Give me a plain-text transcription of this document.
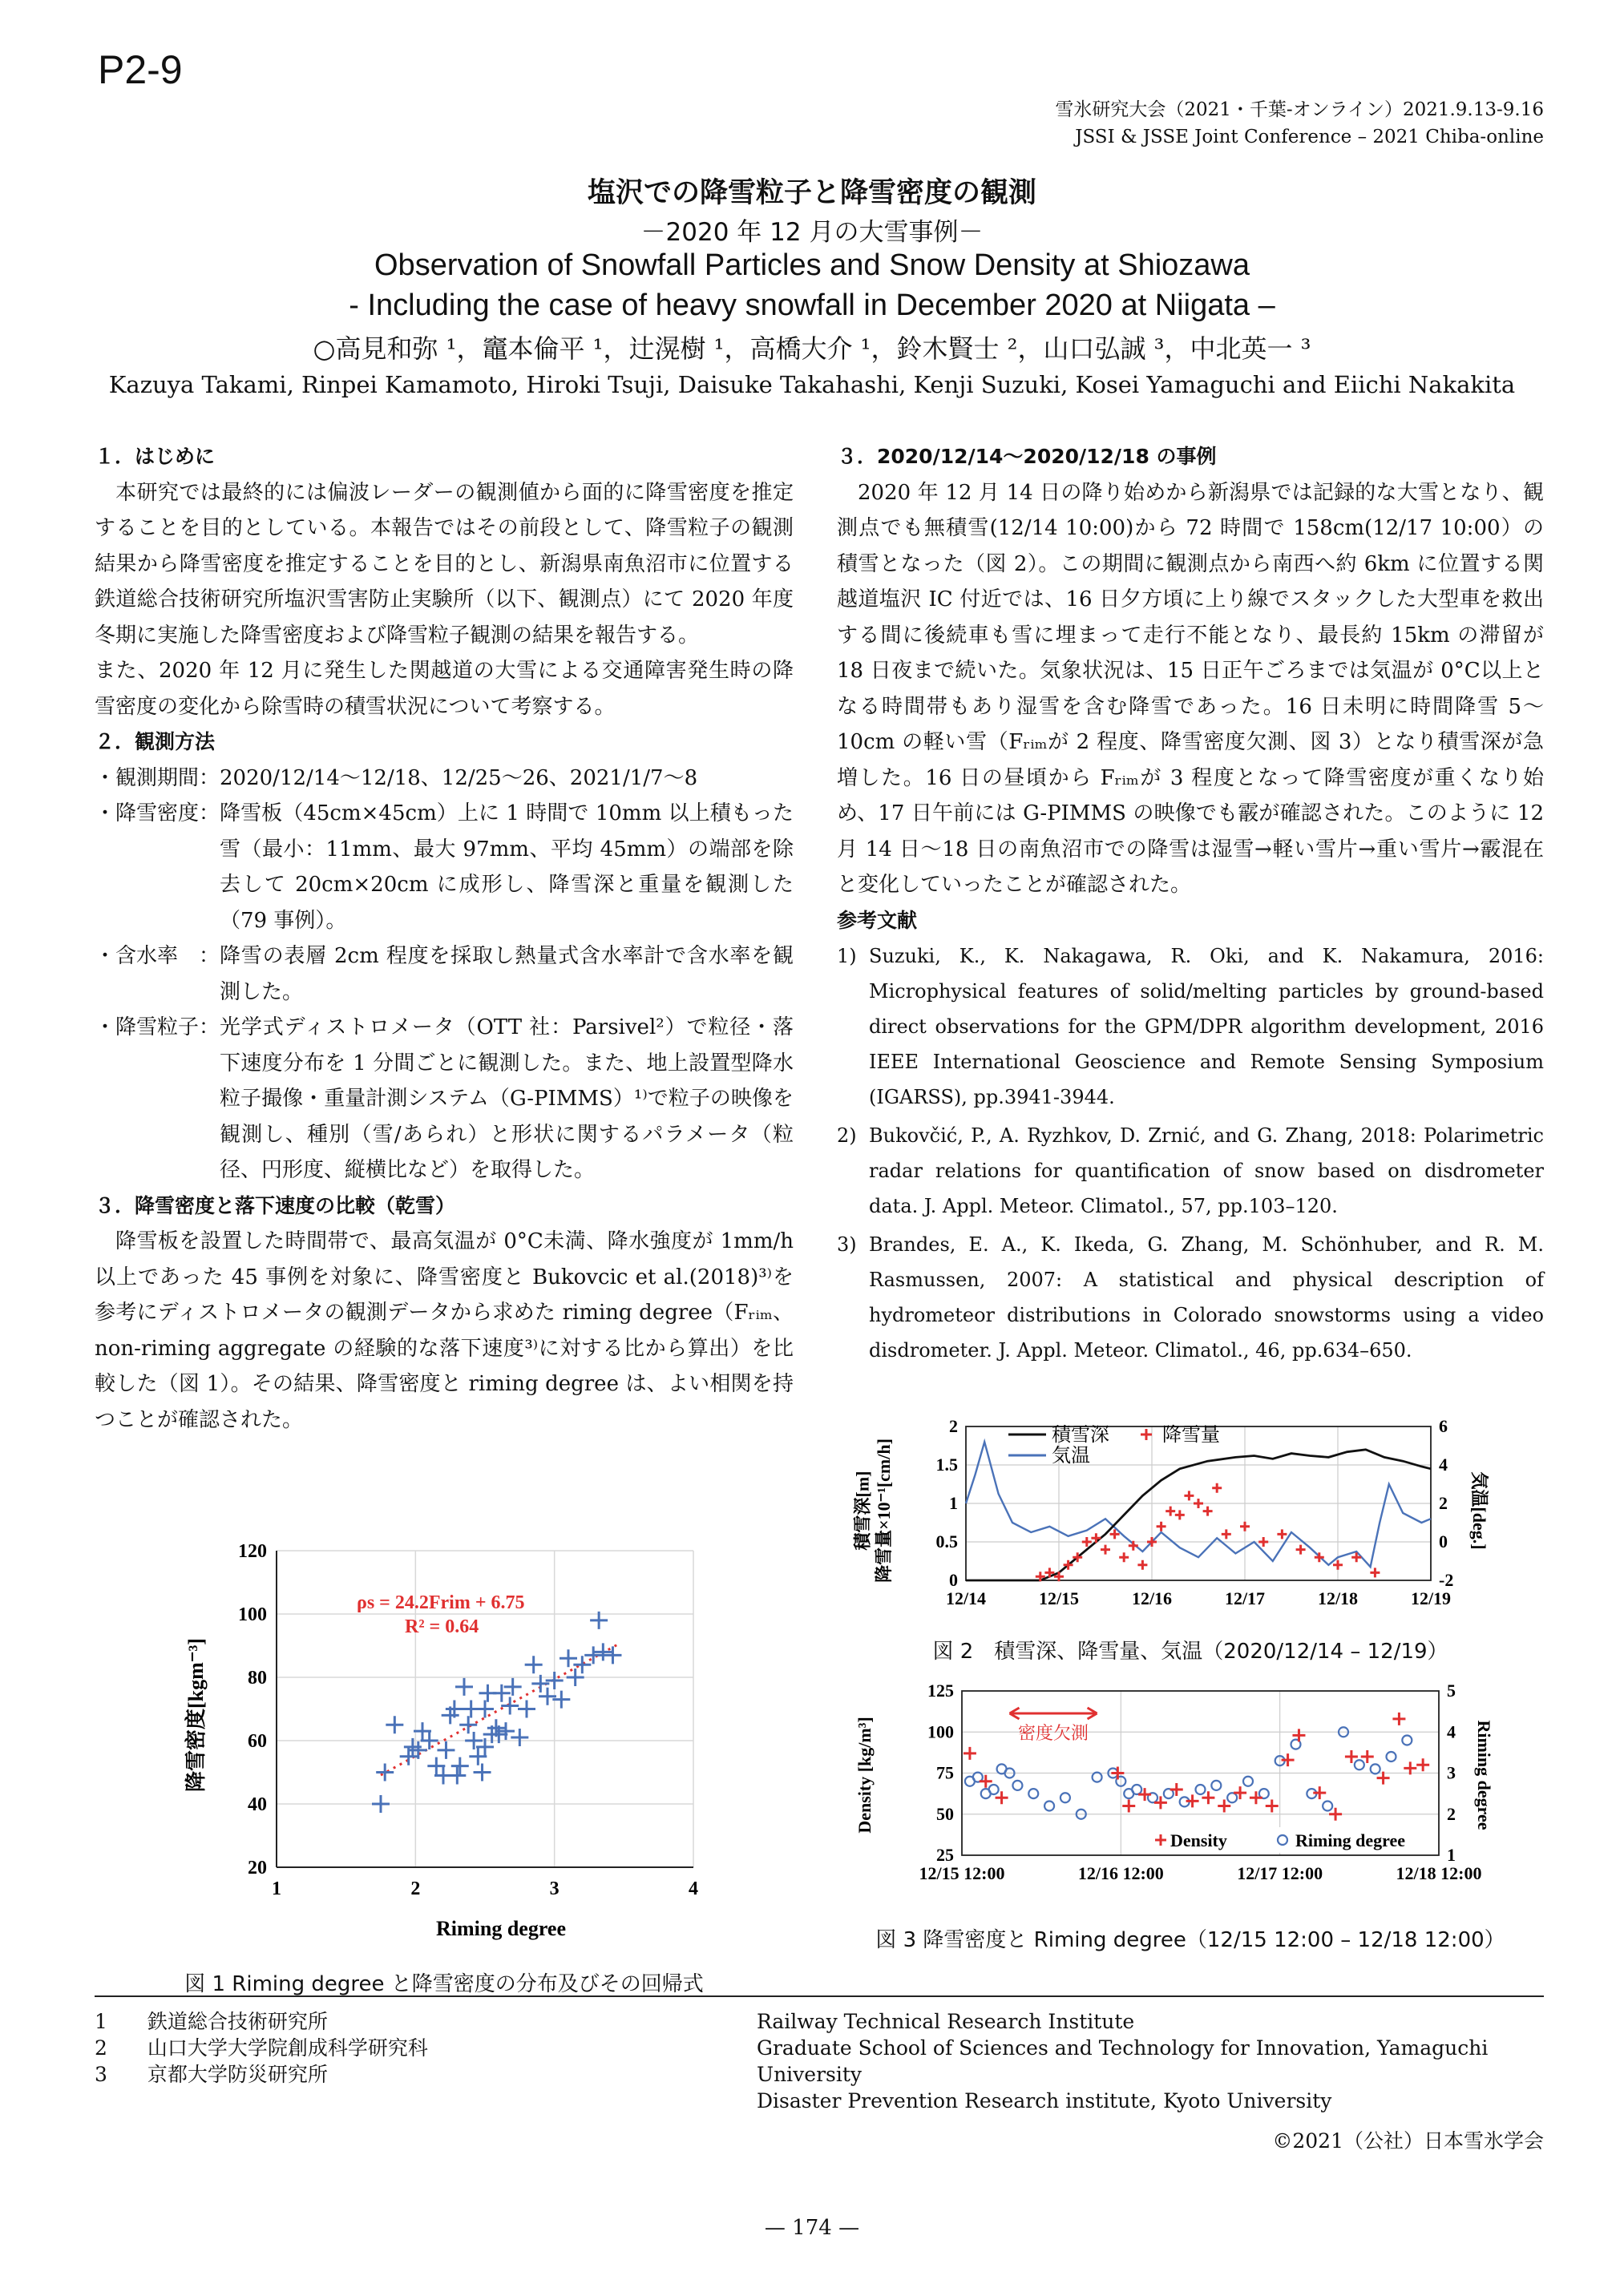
P2-9
雪氷研究大会（2021・千葉-オンライン）2021.9.13-9.16
JSSI & JSSE Joint Conference – 2021 Chiba-online
塩沢での降雪粒子と降雪密度の観測
－2020 年 12 月の大雪事例－
Observation of Snowfall Particles and Snow Density at Shiozawa
- Including the case of heavy snowfall in December 2020 at Niigata –
○高見和弥 ¹，竈本倫平 ¹，辻滉樹 ¹，高橋大介 ¹，鈴木賢士 ²，山口弘誠 ³，中北英一 ³
Kazuya Takami, Rinpei Kamamoto, Hiroki Tsuji, Daisuke Takahashi, Kenji Suzuki, Kosei Yamaguchi and Eiichi Nakakita
１．はじめに

本研究では最終的には偏波レーダーの観測値から面的に降雪密度を推定することを目的としている。本報告ではその前段として、降雪粒子の観測結果から降雪密度を推定することを目的とし、新潟県南魚沼市に位置する鉄道総合技術研究所塩沢雪害防止実験所（以下、観測点）にて 2020 年度冬期に実施した降雪密度および降雪粒子観測の結果を報告する。

また、2020 年 12 月に発生した関越道の大雪による交通障害発生時の降雪密度の変化から除雪時の積雪状況について考察する。

２．観測方法
・観測期間： 2020/12/14～12/18、12/25～26、2021/1/7～8
・降雪密度： 降雪板（45cm×45cm）上に 1 時間で 10mm 以上積もった雪（最小：11mm、最大 97mm、平均 45mm）の端部を除去して 20cm×20cm に成形し、降雪深と重量を観測した（79 事例）。
・含水率　： 降雪の表層 2cm 程度を採取し熱量式含水率計で含水率を観測した。
・降雪粒子： 光学式ディストロメータ（OTT 社：Parsivel²）で粒径・落下速度分布を 1 分間ごとに観測した。また、地上設置型降水粒子撮像・重量計測システム（G-PIMMS）¹⁾で粒子の映像を観測し、種別（雪/あられ）と形状に関するパラメータ（粒径、円形度、縦横比など）を取得した。
３．降雪密度と落下速度の比較（乾雪）

降雪板を設置した時間帯で、最高気温が 0°C未満、降水強度が 1mm/h 以上であった 45 事例を対象に、降雪密度と Bukovcic et al.(2018)³⁾を参考にディストロメータの観測データから求めた riming degree（Fᵣᵢₘ、non-riming aggregate の経験的な落下速度³⁾に対する比から算出）を比較した（図 1）。その結果、降雪密度と riming degree は、よい相関を持つことが確認された。

３．2020/12/14～2020/12/18 の事例

2020 年 12 月 14 日の降り始めから新潟県では記録的な大雪となり、観測点でも無積雪(12/14 10:00)から 72 時間で 158cm(12/17 10:00）の積雪となった（図 2）。この期間に観測点から南西へ約 6km に位置する関越道塩沢 IC 付近では、16 日夕方頃に上り線でスタックした大型車を救出する間に後続車も雪に埋まって走行不能となり、最長約 15km の滞留が 18 日夜まで続いた。気象状況は、15 日正午ごろまでは気温が 0°C以上となる時間帯もあり湿雪を含む降雪であった。16 日未明に時間降雪 5～10cm の軽い雪（Fᵣᵢₘが 2 程度、降雪密度欠測、図 3）となり積雪深が急増した。16 日の昼頃から Fᵣᵢₘが 3 程度となって降雪密度が重くなり始め、17 日午前には G-PIMMS の映像でも霰が確認された。このように 12 月 14 日～18 日の南魚沼市での降雪は湿雪→軽い雪片→重い雪片→霰混在と変化していったことが確認された。

参考文献
1) Suzuki, K., K. Nakagawa, R. Oki, and K. Nakamura, 2016: Microphysical features of solid/melting particles by ground-based direct observations for the GPM/DPR algorithm development, 2016 IEEE International Geoscience and Remote Sensing Symposium (IGARSS), pp.3941-3944.
2) Bukovčić, P., A. Ryzhkov, D. Zrnić, and G. Zhang, 2018: Polarimetric radar relations for quantification of snow based on disdrometer data. J. Appl. Meteor. Climatol., 57, pp.103–120.
3) Brandes, E. A., K. Ikeda, G. Zhang, M. Schönhuber, and R. M. Rasmussen, 2007: A statistical and physical description of hydrometeor distributions in Colorado snowstorms using a video disdrometer. J. Appl. Meteor. Climatol., 46, pp.634–650.
1	2	3	4
20
40
60
80
100
120
ρs = 24.2Frim + 6.75
R² = 0.64
Riming degree
降雪密度[kgm⁻³]
図 1 Riming degree と降雪密度の分布及びその回帰式
12/14	12/15	12/16	12/17	12/18	12/19
0
0.5
1
1.5
2
-2
0
2
4
6
積雪深
気温
降雪量
積雪深[m]降雪量×10⁻¹[cm/h]	気温[deg.]
図 2　積雪深、降雪量、気温（2020/12/14 – 12/19）
12/15 12:00	12/16 12:00	12/17 12:00	12/18 12:00
25
50
75
100
125
1
2
3
4
5
密度欠測
Density	Riming degree
Density [kg/m³]	Riming degree
図 3 降雪密度と Riming degree（12/15 12:00 – 12/18 12:00）
1　　 鉄道総合技術研究所
2　　 山口大学大学院創成科学研究科
3　　 京都大学防災研究所
Railway Technical Research Institute
Graduate School of Sciences and Technology for Innovation, Yamaguchi University
Disaster Prevention Research institute, Kyoto University
©2021（公社）日本雪氷学会
— 174 —
